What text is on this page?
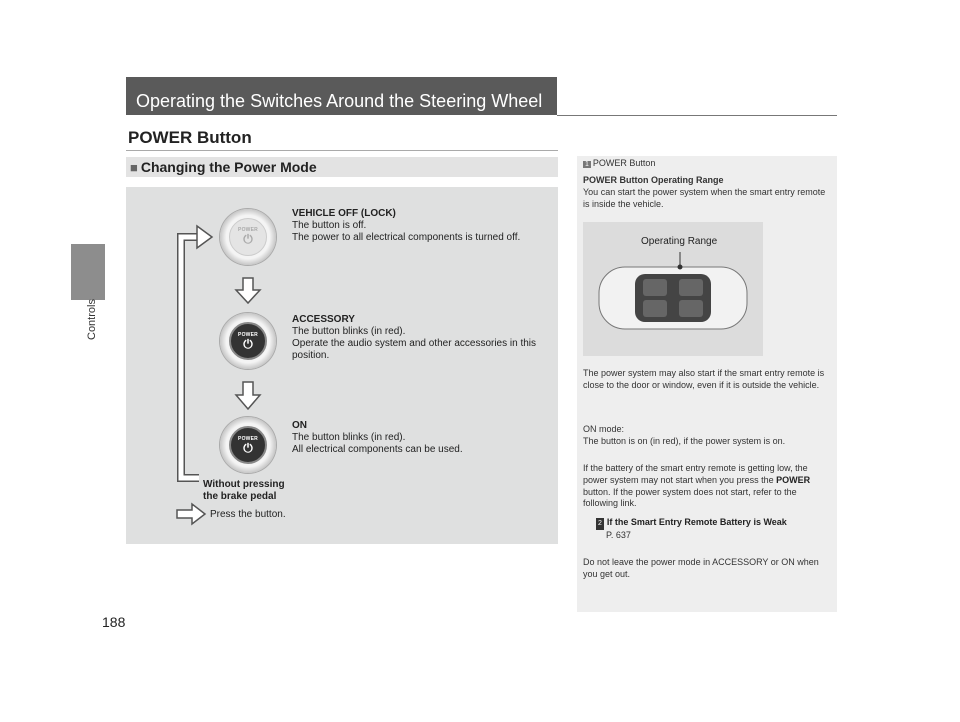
Controls
188
Operating the Switches Around the Steering Wheel
POWER Button
■ Changing the Power Mode
POWER
⏻
POWER
⏻
POWER
⏻
VEHICLE OFF (LOCK)
The button is off.
The power to all electrical components is turned off.
ACCESSORY
The button blinks (in red).
Operate the audio system and other accessories in this position.
ON
The button blinks (in red).
All electrical components can be used.
Without pressing
the brake pedal
Press the button.
1 POWER Button
POWER Button Operating Range
You can start the power system when the smart entry remote is inside the vehicle.
Operating Range
The power system may also start if the smart entry remote is close to the door or window, even if it is outside the vehicle.
ON mode:
The button is on (in red), if the power system is on.
If the battery of the smart entry remote is getting low, the power system may not start when you press the POWER button. If the power system does not start, refer to the following link.
2 If the Smart Entry Remote Battery is Weak
P. 637
Do not leave the power mode in ACCESSORY or ON when you get out.
